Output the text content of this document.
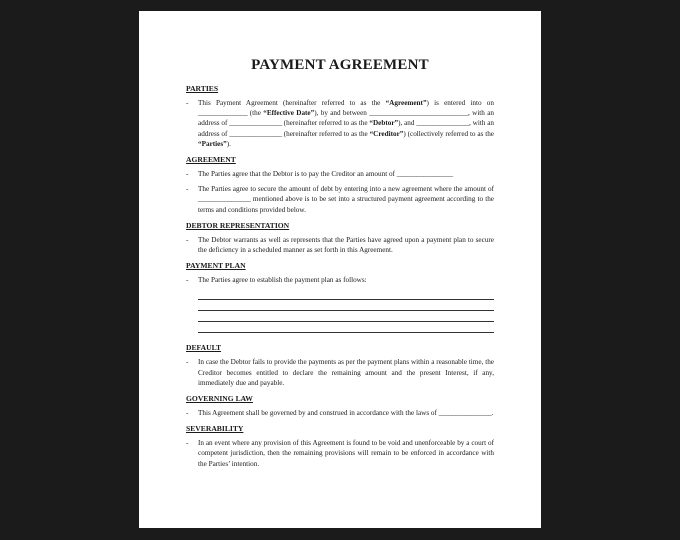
PAYMENT AGREEMENT
PARTIES
- This Payment Agreement (hereinafter referred to as the “Agreement”) is entered into on _______________ (the “Effective Date”), by and between ______________________________, with an address of ________________ (hereinafter referred to as the “Debtor”), and ________________, with an address of ________________ (hereinafter referred to as the “Creditor”) (collectively referred to as the “Parties”).
AGREEMENT
- The Parties agree that the Debtor is to pay the Creditor an amount of _________________
- The Parties agree to secure the amount of debt by entering into a new agreement where the amount of ________________ mentioned above is to be set into a structured payment agreement according to the terms and conditions provided below.
DEBTOR REPRESENTATION
- The Debtor warrants as well as represents that the Parties have agreed upon a payment plan to secure the deficiency in a scheduled manner as set forth in this Agreement.
PAYMENT PLAN
- The Parties agree to establish the payment plan as follows:
DEFAULT
- In case the Debtor fails to provide the payments as per the payment plans within a reasonable time, the Creditor becomes entitled to declare the remaining amount and the present Interest, if any, immediately due and payable.
GOVERNING LAW
- This Agreement shall be governed by and construed in accordance with the laws of ________________.
SEVERABILITY
- In an event where any provision of this Agreement is found to be void and unenforceable by a court of competent jurisdiction, then the remaining provisions will remain to be enforced in accordance with the Parties’ intention.
